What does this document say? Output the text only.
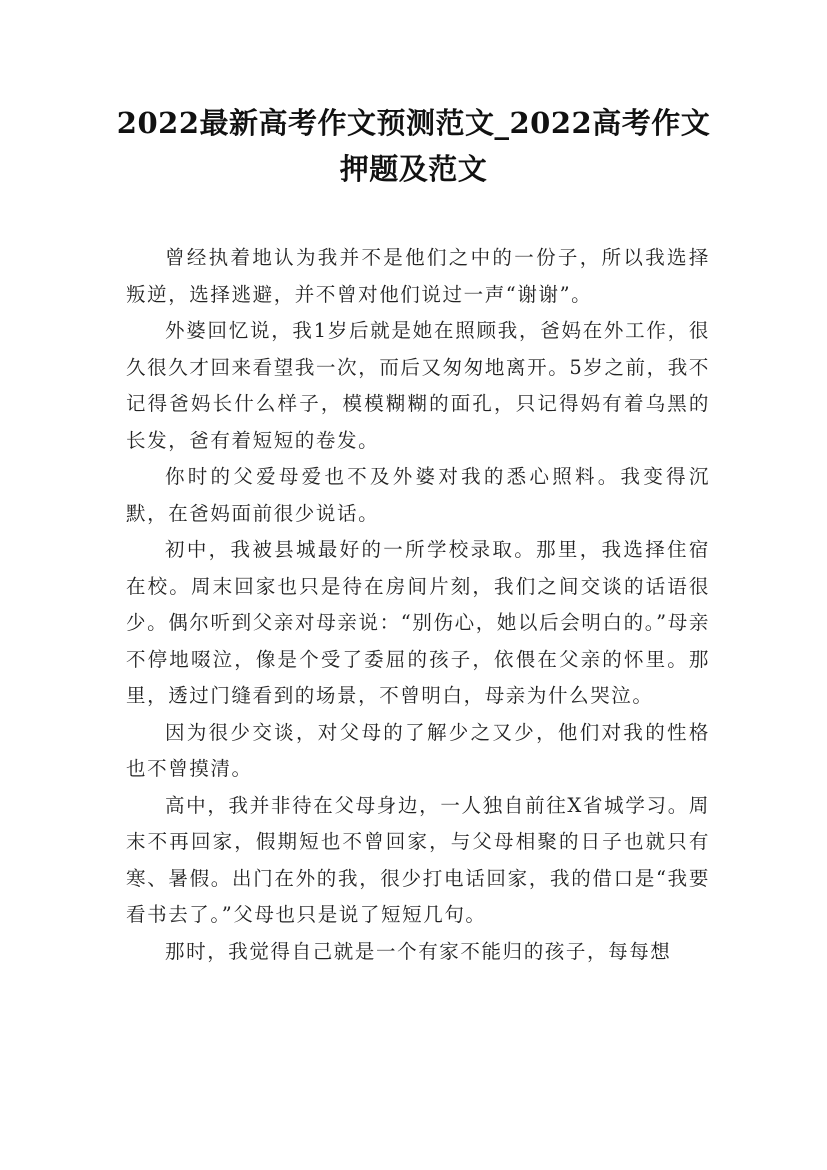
2022最新高考作文预测范文_2022高考作文押题及范文

曾经执着地认为我并不是他们之中的一份子，所以我选择叛逆，选择逃避，并不曾对他们说过一声“谢谢”。

外婆回忆说，我1岁后就是她在照顾我，爸妈在外工作，很久很久才回来看望我一次，而后又匆匆地离开。5岁之前，我不记得爸妈长什么样子，模模糊糊的面孔，只记得妈有着乌黑的长发，爸有着短短的卷发。

你时的父爱母爱也不及外婆对我的悉心照料。我变得沉默，在爸妈面前很少说话。

初中，我被县城最好的一所学校录取。那里，我选择住宿在校。周末回家也只是待在房间片刻，我们之间交谈的话语很少。偶尔听到父亲对母亲说：“别伤心，她以后会明白的。”母亲不停地啜泣，像是个受了委屈的孩子，依偎在父亲的怀里。那里，透过门缝看到的场景，不曾明白，母亲为什么哭泣。

因为很少交谈，对父母的了解少之又少，他们对我的性格也不曾摸清。

高中，我并非待在父母身边，一人独自前往X省城学习。周末不再回家，假期短也不曾回家，与父母相聚的日子也就只有寒、暑假。出门在外的我，很少打电话回家，我的借口是“我要看书去了。”父母也只是说了短短几句。

那时，我觉得自己就是一个有家不能归的孩子，每每想
